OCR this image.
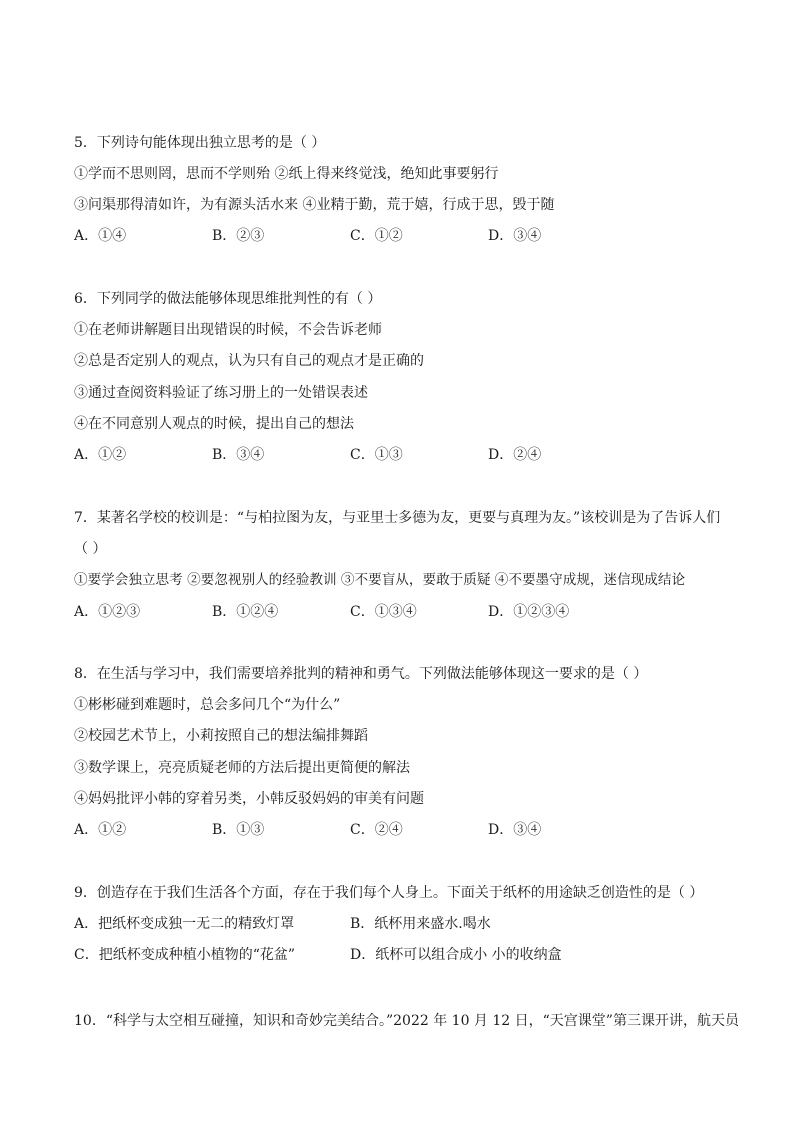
5．下列诗句能体现出独立思考的是（ ）
①学而不思则罔，思而不学则殆 ②纸上得来终觉浅，绝知此事要躬行
③问渠那得清如许，为有源头活水来 ④业精于勤，荒于嬉，行成于思，毁于随
A．①④	B．②③	C．①②	D．③④
6．下列同学的做法能够体现思维批判性的有（ ）
①在老师讲解题目出现错误的时候，不会告诉老师
②总是否定别人的观点，认为只有自己的观点才是正确的
③通过查阅资料验证了练习册上的一处错误表述
④在不同意别人观点的时候，提出自己的想法
A．①②	B．③④	C．①③	D．②④
7．某著名学校的校训是：“与柏拉图为友，与亚里士多德为友，更要与真理为友。”该校训是为了告诉人们
（ ）
①要学会独立思考 ②要忽视别人的经验教训 ③不要盲从，要敢于质疑 ④不要墨守成规，迷信现成结论
A．①②③	B．①②④	C．①③④	D．①②③④
8．在生活与学习中，我们需要培养批判的精神和勇气。下列做法能够体现这一要求的是（ ）
①彬彬碰到难题时，总会多问几个“为什么”
②校园艺术节上，小莉按照自己的想法编排舞蹈
③数学课上，亮亮质疑老师的方法后提出更简便的解法
④妈妈批评小韩的穿着另类，小韩反驳妈妈的审美有问题
A．①②	B．①③	C．②④	D．③④
9．创造存在于我们生活各个方面，存在于我们每个人身上。下面关于纸杯的用途缺乏创造性的是（ ）
A．把纸杯变成独一无二的精致灯罩	B．纸杯用来盛水.喝水
C．把纸杯变成种植小植物的“花盆”	D．纸杯可以组合成小 小的收纳盒
10．“科学与太空相互碰撞，知识和奇妙完美结合。”2022 年 10 月 12 日，“天宫课堂”第三课开讲，航天员
